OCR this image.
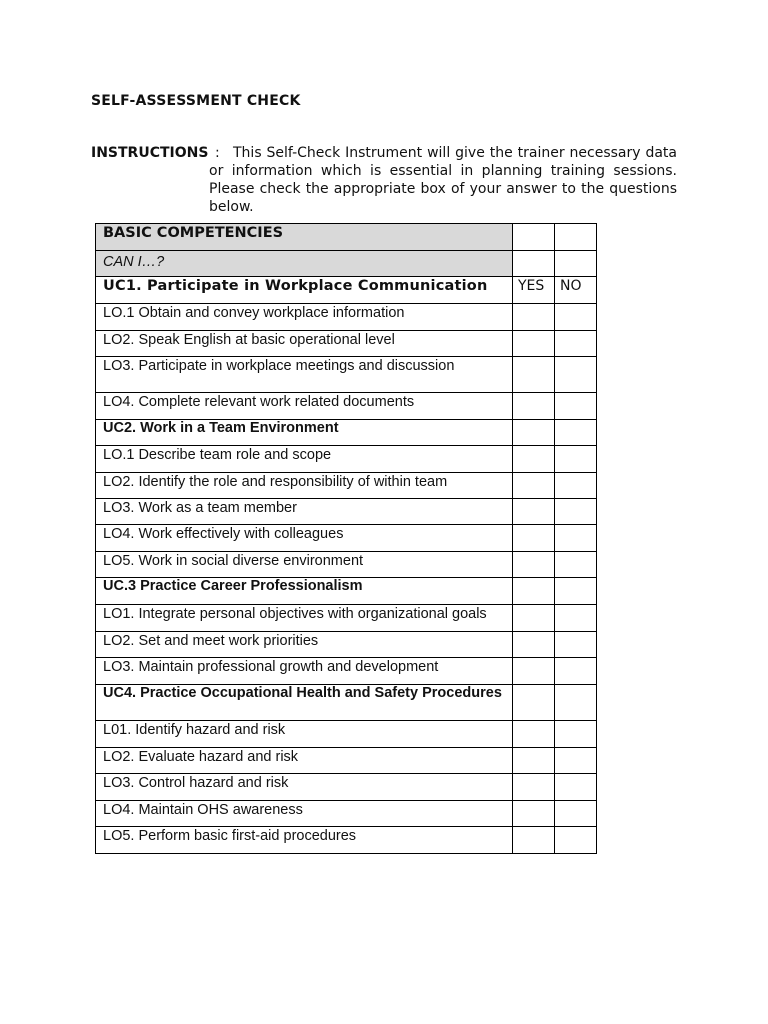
SELF-ASSESSMENT CHECK
INSTRUCTIONS : This Self-Check Instrument will give the trainer necessary data or information which is essential in planning training sessions. Please check the appropriate box of your answer to the questions below.
BASIC COMPETENCIES		
CAN I…?		
UC1. Participate in Workplace Communication	YES	NO
LO.1 Obtain and convey workplace information		
LO2. Speak English at basic operational level		
LO3. Participate in workplace meetings and discussion		
LO4. Complete relevant work related documents		
UC2. Work in a Team Environment		
LO.1 Describe team role and scope		
LO2. Identify the role and responsibility of within team		
LO3. Work as a team member		
LO4. Work effectively with colleagues		
LO5. Work in social diverse environment		
UC.3 Practice Career Professionalism		
LO1. Integrate personal objectives with organizational goals		
LO2. Set and meet work priorities		
LO3. Maintain professional growth and development		
UC4. Practice Occupational Health and Safety Procedures		
L01. Identify hazard and risk		
LO2. Evaluate hazard and risk		
LO3. Control hazard and risk		
LO4. Maintain OHS awareness		
LO5. Perform basic first-aid procedures		
